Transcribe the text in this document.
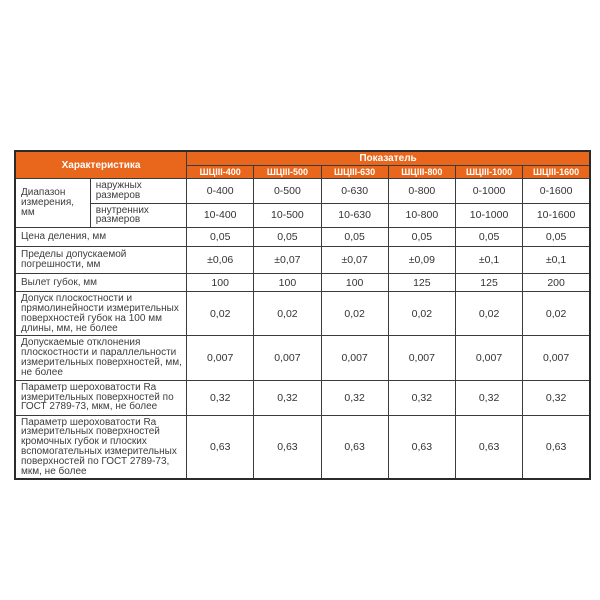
Характеристика		Показатель					
		ШЦIII-400	ШЦIII-500	ШЦIII-630	ШЦIII-800	ШЦIII-1000	ШЦIII-1600
Диапазон измерения, мм	наружных размеров	0-400	0-500	0-630	0-800	0-1000	0-1600
	внутренних размеров	10-400	10-500	10-630	10-800	10-1000	10-1600
Цена деления, мм		0,05	0,05	0,05	0,05	0,05	0,05
Пределы допускаемой погрешности, мм		±0,06	±0,07	±0,07	±0,09	±0,1	±0,1
Вылет губок, мм		100	100	100	125	125	200
Допуск плоскостности и прямолинейности измерительных поверхностей губок на 100 мм длины, мм, не более		0,02	0,02	0,02	0,02	0,02	0,02
Допускаемые отклонения плоскостности и параллельности измерительных поверхностей, мм, не более		0,007	0,007	0,007	0,007	0,007	0,007
Параметр шероховатости Ra измерительных поверхностей по ГОСТ 2789-73, мкм, не более		0,32	0,32	0,32	0,32	0,32	0,32
Параметр шероховатости Ra измерительных поверхностей кромочных губок и плоских вспомогательных измерительных поверхностей по ГОСТ 2789-73, мкм, не более		0,63	0,63	0,63	0,63	0,63	0,63
